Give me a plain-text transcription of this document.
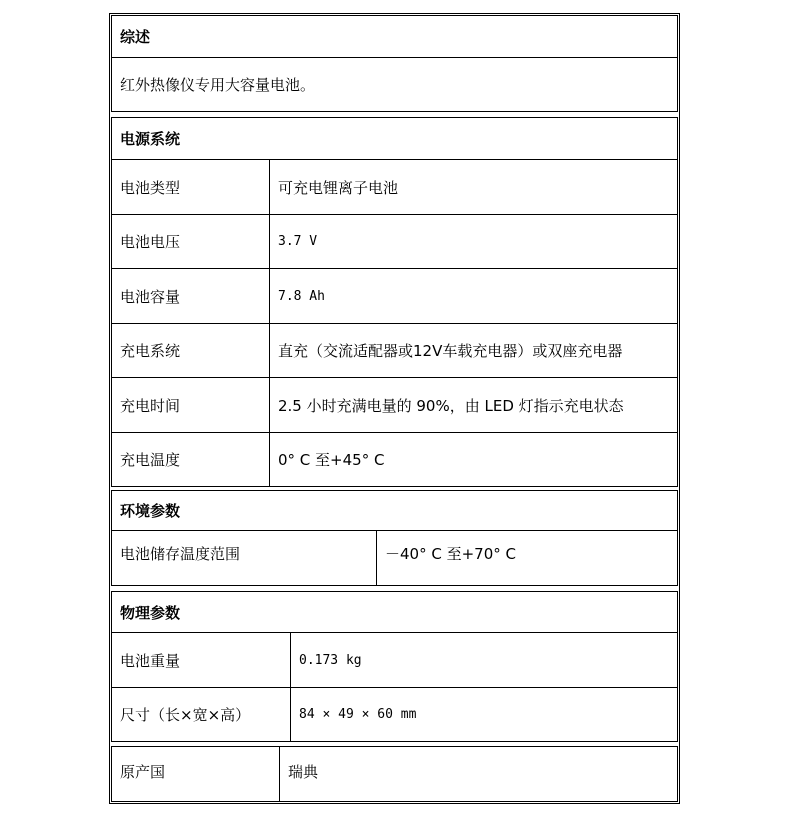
综述
红外热像仪专用大容量电池。
电源系统
电池类型	可充电锂离子电池
电池电压	3.7 V
电池容量	7.8 Ah
充电系统	直充（交流适配器或12V车载充电器）或双座充电器
充电时间	2.5 小时充满电量的 90%，由 LED 灯指示充电状态
充电温度	0° C 至+45° C
环境参数
电池储存温度范围	－40° C 至+70° C
物理参数
电池重量	0.173 kg
尺寸（长×宽×高）	84 × 49 × 60 mm
原产国	瑞典
